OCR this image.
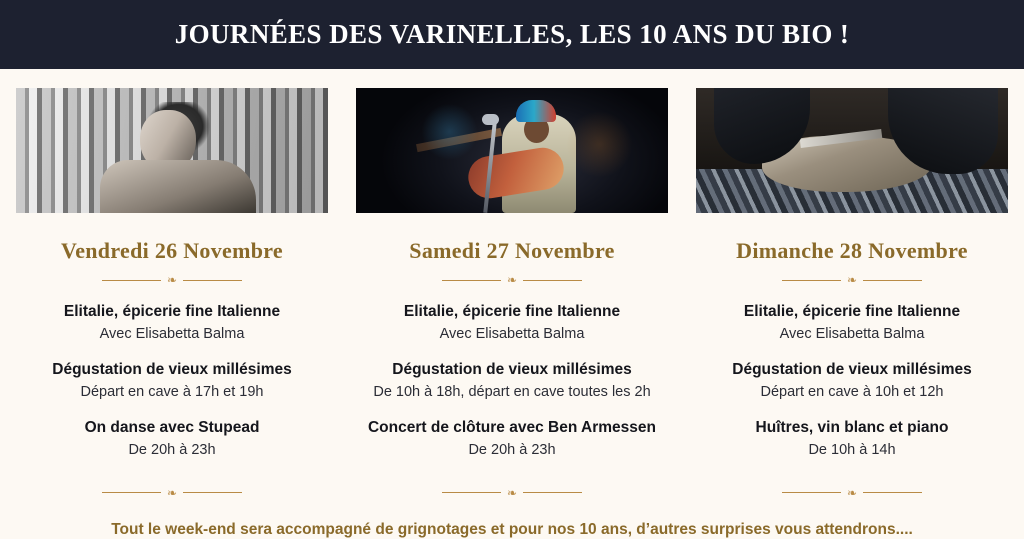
JOURNÉES DES VARINELLES, LES 10 ANS DU BIO !
Vendredi 26 Novembre
❧
Elitalie, épicerie fine Italienne
Avec Elisabetta Balma
Dégustation de vieux millésimes
Départ en cave à 17h et 19h
On danse avec Stupead
De 20h à 23h
Samedi 27 Novembre
❧
Elitalie, épicerie fine Italienne
Avec Elisabetta Balma
Dégustation de vieux millésimes
De 10h à 18h, départ en cave toutes les 2h
Concert de clôture avec Ben Armessen
De 20h à 23h
Dimanche 28 Novembre
❧
Elitalie, épicerie fine Italienne
Avec Elisabetta Balma
Dégustation de vieux millésimes
Départ en cave à 10h et 12h
Huîtres, vin blanc et piano
De 10h à 14h
❧	❧	❧
Tout le week-end sera accompagné de grignotages et pour nos 10 ans, d’autres surprises vous attendrons....
